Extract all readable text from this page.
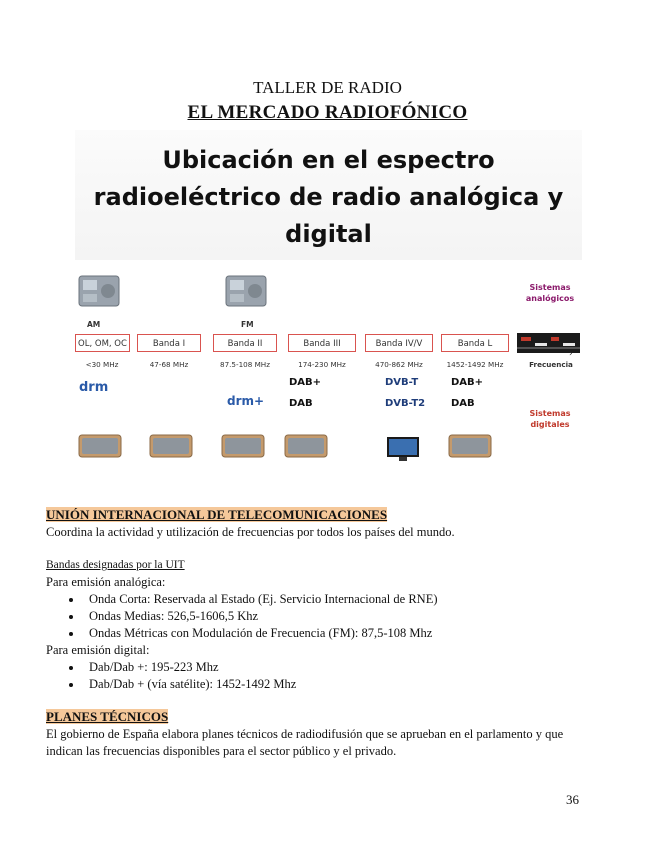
TALLER DE RADIO
EL MERCADO RADIOFÓNICO
Ubicación en el espectro
radioeléctrico de radio analógica y
digital
AM	FM
Sistemas analógicos
OL, OM, OC	Banda I	Banda II	Banda III	Banda IV/V	Banda L
<30 MHz	47-68 MHz	87.5-108 MHz	174-230 MHz	470-862 MHz	1452-1492 MHz	Frecuencia
›
drm
drm+
DAB+
DAB
DVB-T
DVB-T2
DAB+
DAB
Sistemas digitales
UNIÓN INTERNACIONAL DE TELECOMUNICACIONES
Coordina la actividad y utilización de frecuencias por todos los países del mundo.
Bandas designadas por la UIT
Para emisión analógica:
• Onda Corta: Reservada al Estado (Ej. Servicio Internacional de RNE)
• Ondas Medias: 526,5-1606,5 Khz
• Ondas Métricas con Modulación de Frecuencia (FM): 87,5-108 Mhz
Para emisión digital:
• Dab/Dab +: 195-223 Mhz
• Dab/Dab + (vía satélite): 1452-1492 Mhz
PLANES TÉCNICOS
El gobierno de España elabora planes técnicos de radiodifusión que se aprueban en el parlamento y que indican las frecuencias disponibles para el sector público y el privado.
36
